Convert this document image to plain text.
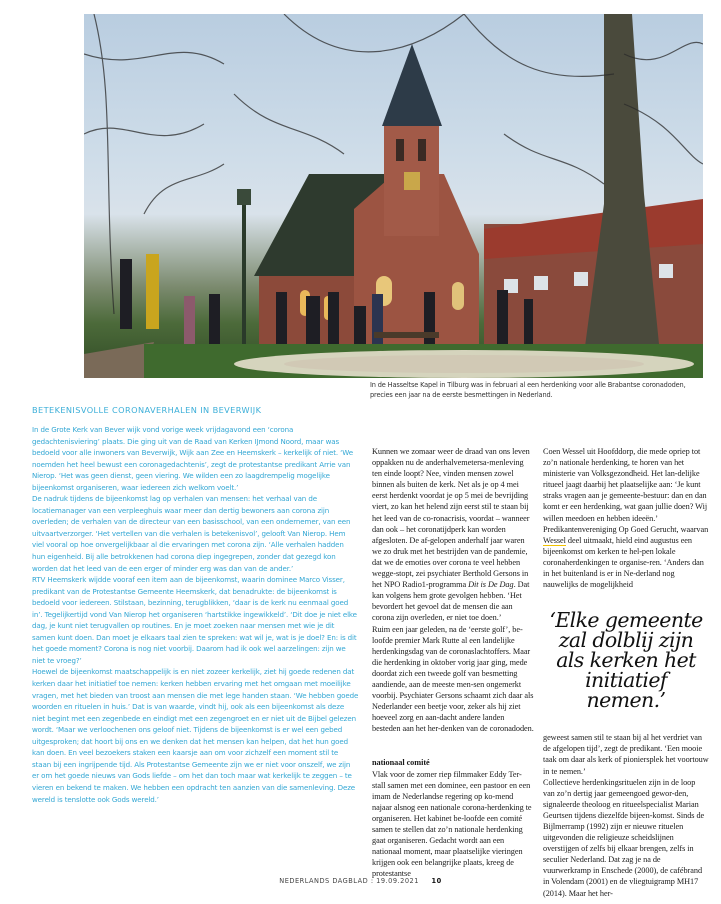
In de Hasseltse Kapel in Tilburg was in februari al een herdenking voor alle Brabantse coronadoden, precies een jaar na de eerste besmettingen in Nederland.
BETEKENISVOLLE CORONAVERHALEN IN BEVERWIJK

In de Grote Kerk van Bever wijk vond vorige week vrijdagavond een ‘corona gedachtenisviering’ plaats. Die ging uit van de Raad van Kerken IJmond Noord, maar was bedoeld voor alle inwoners van Beverwijk, Wijk aan Zee en Heemskerk – kerkelijk of niet. ‘We noemden het heel bewust een coronagedachtenis’, zegt de protestantse predikant Arrie van Nierop. ‘Het was geen dienst, geen viering. We wilden een zo laagdrempelig mogelijke bijeenkomst organiseren, waar iedereen zich welkom voelt.’

De nadruk tijdens de bijeenkomst lag op verhalen van mensen: het verhaal van de locatiemanager van een verpleeghuis waar meer dan dertig bewoners aan corona zijn overleden; de verhalen van de directeur van een basisschool, van een ondernemer, van een uitvaartverzorger. ‘Het vertellen van die verhalen is betekenisvol’, gelooft Van Nierop. Hem viel vooral op hoe onvergelijkbaar al die ervaringen met corona zijn. ‘Alle verhalen hadden hun eigenheid. Bij alle betrokkenen had corona diep ingegrepen, zonder dat gezegd kon worden dat het leed van de een erger of minder erg was dan van de ander.’

RTV Heemskerk wijdde vooraf een item aan de bijeenkomst, waarin dominee Marco Visser, predikant van de Protestantse Gemeente Heemskerk, dat benadrukte: de bijeenkomst is bedoeld voor iedereen. Stilstaan, bezinning, terugblikken, ‘daar is de kerk nu eenmaal goed in’. Tegelijkertijd vond Van Nierop het organiseren ‘hartstikke ingewikkeld’. ‘Dit doe je niet elke dag, je kunt niet terugvallen op routines. En je moet zoeken naar mensen met wie je dit samen kunt doen. Dan moet je elkaars taal zien te spreken: wat wil je, wat is je doel? En: is dit het goede moment? Corona is nog niet voorbij. Daarom had ik ook wel aarzelingen: zijn we niet te vroeg?’

Hoewel de bijeenkomst maatschappelijk is en niet zozeer kerkelijk, ziet hij goede redenen dat kerken daar het initiatief toe nemen: kerken hebben ervaring met het omgaan met moeilijke vragen, met het bieden van troost aan mensen die met lege handen staan. ‘We hebben goede woorden en rituelen in huis.’ Dat is van waarde, vindt hij, ook als een bijeenkomst als deze niet begint met een zegenbede en eindigt met een zegengroet en er niet uit de Bijbel gelezen wordt. ‘Maar we verloochenen ons geloof niet. Tijdens de bijeenkomst is er wel een gebed uitgesproken; dat hoort bij ons en we denken dat het mensen kan helpen, dat het hun goed kan doen. En veel bezoekers staken een kaarsje aan om voor zichzelf een moment stil te staan bij een ingrijpende tijd. Als Protestantse Gemeente zijn we er niet voor onszelf, we zijn er om het goede nieuws van Gods liefde – om het dan toch maar wat kerkelijk te zeggen – te vieren en bekend te maken. We hebben een opdracht ten aanzien van die samenleving. Deze wereld is tenslotte ook Gods wereld.’

Kunnen we zomaar weer de draad van ons leven oppakken nu de anderhalvemetersa-menleving ten einde loopt? Nee, vinden mensen zowel binnen als buiten de kerk. Net als je op 4 mei eerst herdenkt voordat je op 5 mei de bevrijding viert, zo kan het helend zijn eerst stil te staan bij het leed van de co-ronacrisis, voordat – wanneer dan ook – het coronatijdperk kan worden afgesloten. De af-gelopen anderhalf jaar waren we zo druk met het bestrijden van de pandemie, dat we de emoties over corona te veel hebben wegge-stopt, zei psychiater Berthold Gersons in het NPO Radio1-programma Dit is De Dag. Dat kan volgens hem grote gevolgen hebben. ‘Het bevordert het gevoel dat de mensen die aan corona zijn overleden, er niet toe doen.’

Ruim een jaar geleden, na de ‘eerste golf’, be-loofde premier Mark Rutte al een landelijke herdenkingsdag van de coronaslachtoffers. Maar die herdenking in oktober vorig jaar ging, mede doordat zich een tweede golf van besmetting aandiende, aan de meeste men-sen ongemerkt voorbij. Psychiater Gersons schaamt zich daar als Nederlander een beetje voor, zeker als hij ziet hoeveel zorg en aan-dacht andere landen besteden aan het her-denken van de coronadoden.

nationaal comité

Vlak voor de zomer riep filmmaker Eddy Ter-stall samen met een dominee, een pastoor en een imam de Nederlandse regering op ko-mend najaar alsnog een nationale corona-herdenking te organiseren. Het kabinet be-loofde een comité samen te stellen dat zo’n nationale herdenking gaat organiseren. Gedacht wordt aan een nationaal moment, maar plaatselijke vieringen krijgen ook een belangrijke plaats, kreeg de protestantse

Coen Wessel uit Hoofddorp, die mede opriep tot zo’n nationale herdenking, te horen van het ministerie van Volksgezondheid. Het lan-delijke ritueel jaagt daarbij het plaatselijke aan: ‘Je kunt straks vragen aan je gemeente-bestuur: dan en dan komt er een herdenking, wat gaan jullie doen? Wij willen meedoen en hebben ideeën.’

Predikantenvereniging Op Goed Gerucht, waarvan Wessel deel uitmaakt, hield eind augustus een bijeenkomst om kerken te hel-pen lokale coronaherdenkingen te organise-ren. ‘Anders dan in het buitenland is er in Ne-derland nog nauwelijks de mogelijkheid

‘Elke gemeente zal dolblij zijn als kerken het initiatief nemen.’

geweest samen stil te staan bij al het verdriet van de afgelopen tijd’, zegt de predikant. ‘Een mooie taak om daar als kerk of pioniersplek het voortouw in te nemen.’

Collectieve herdenkingsrituelen zijn in de loop van zo’n dertig jaar gemeengoed gewor-den, signaleerde theoloog en ritueelspecialist Marian Geurtsen tijdens diezelfde bijeen-komst. Sinds de Bijlmerramp (1992) zijn er nieuwe rituelen uitgevonden die religieuze scheidslijnen overstijgen of zelfs bij elkaar brengen, zelfs in seculier Nederland. Dat zag je na de vuurwerkramp in Enschede (2000), de cafébrand in Volendam (2001) en de vliegtuigramp MH17 (2014). Maar het her-

NEDERLANDS DAGBLAD : 19.09.2021 10
